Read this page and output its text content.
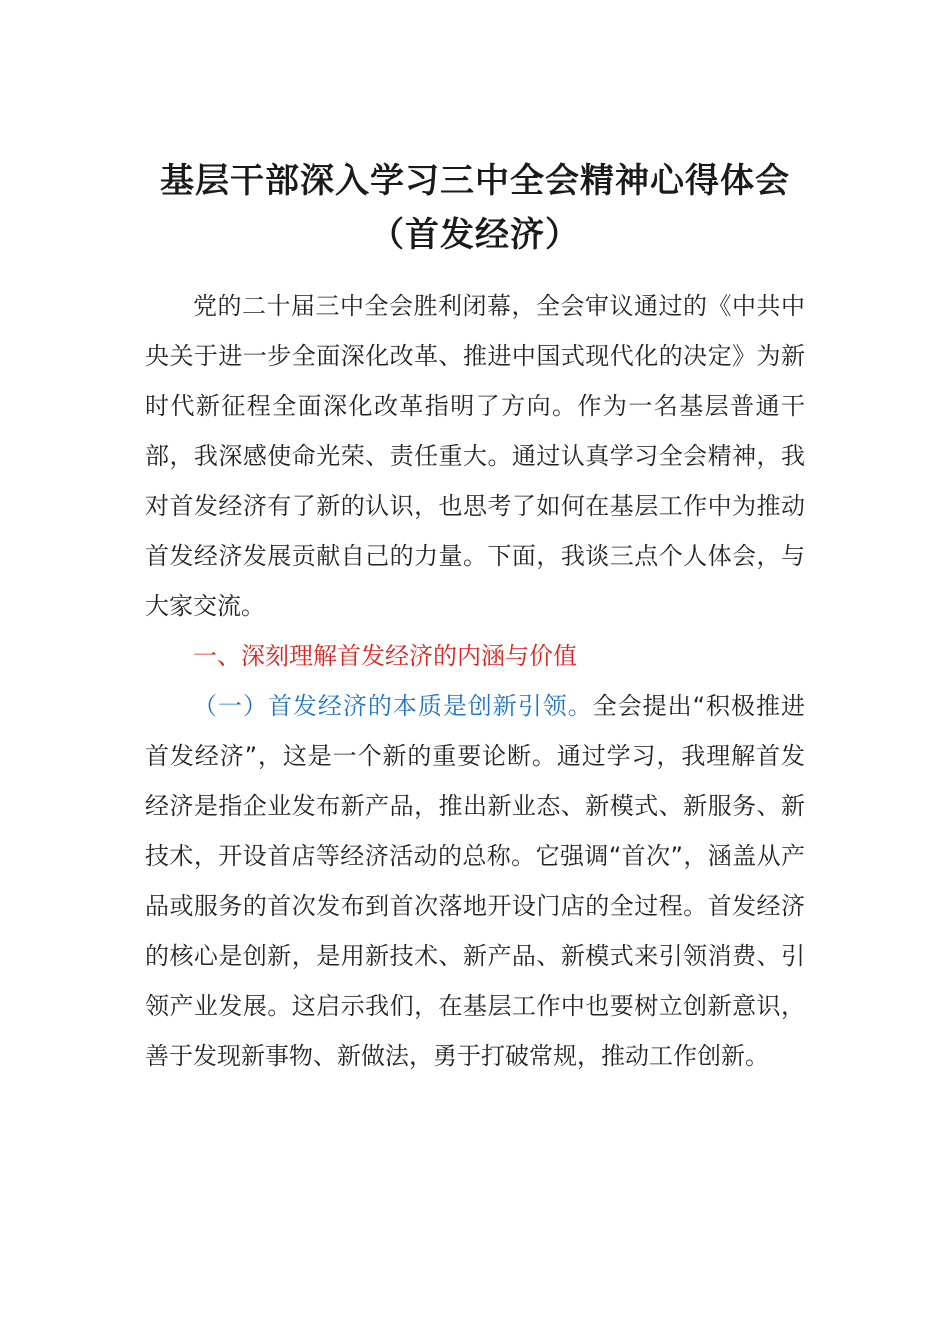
基层干部深入学习三中全会精神心得体会
（首发经济）

党的二十届三中全会胜利闭幕，全会审议通过的《中共中央关于进一步全面深化改革、推进中国式现代化的决定》为新时代新征程全面深化改革指明了方向。作为一名基层普通干部，我深感使命光荣、责任重大。通过认真学习全会精神，我对首发经济有了新的认识，也思考了如何在基层工作中为推动首发经济发展贡献自己的力量。下面，我谈三点个人体会，与大家交流。

一、深刻理解首发经济的内涵与价值

（一）首发经济的本质是创新引领。全会提出“积极推进首发经济”，这是一个新的重要论断。通过学习，我理解首发经济是指企业发布新产品，推出新业态、新模式、新服务、新技术，开设首店等经济活动的总称。它强调“首次”，涵盖从产品或服务的首次发布到首次落地开设门店的全过程。首发经济的核心是创新，是用新技术、新产品、新模式来引领消费、引领产业发展。这启示我们，在基层工作中也要树立创新意识，善于发现新事物、新做法，勇于打破常规，推动工作创新。
